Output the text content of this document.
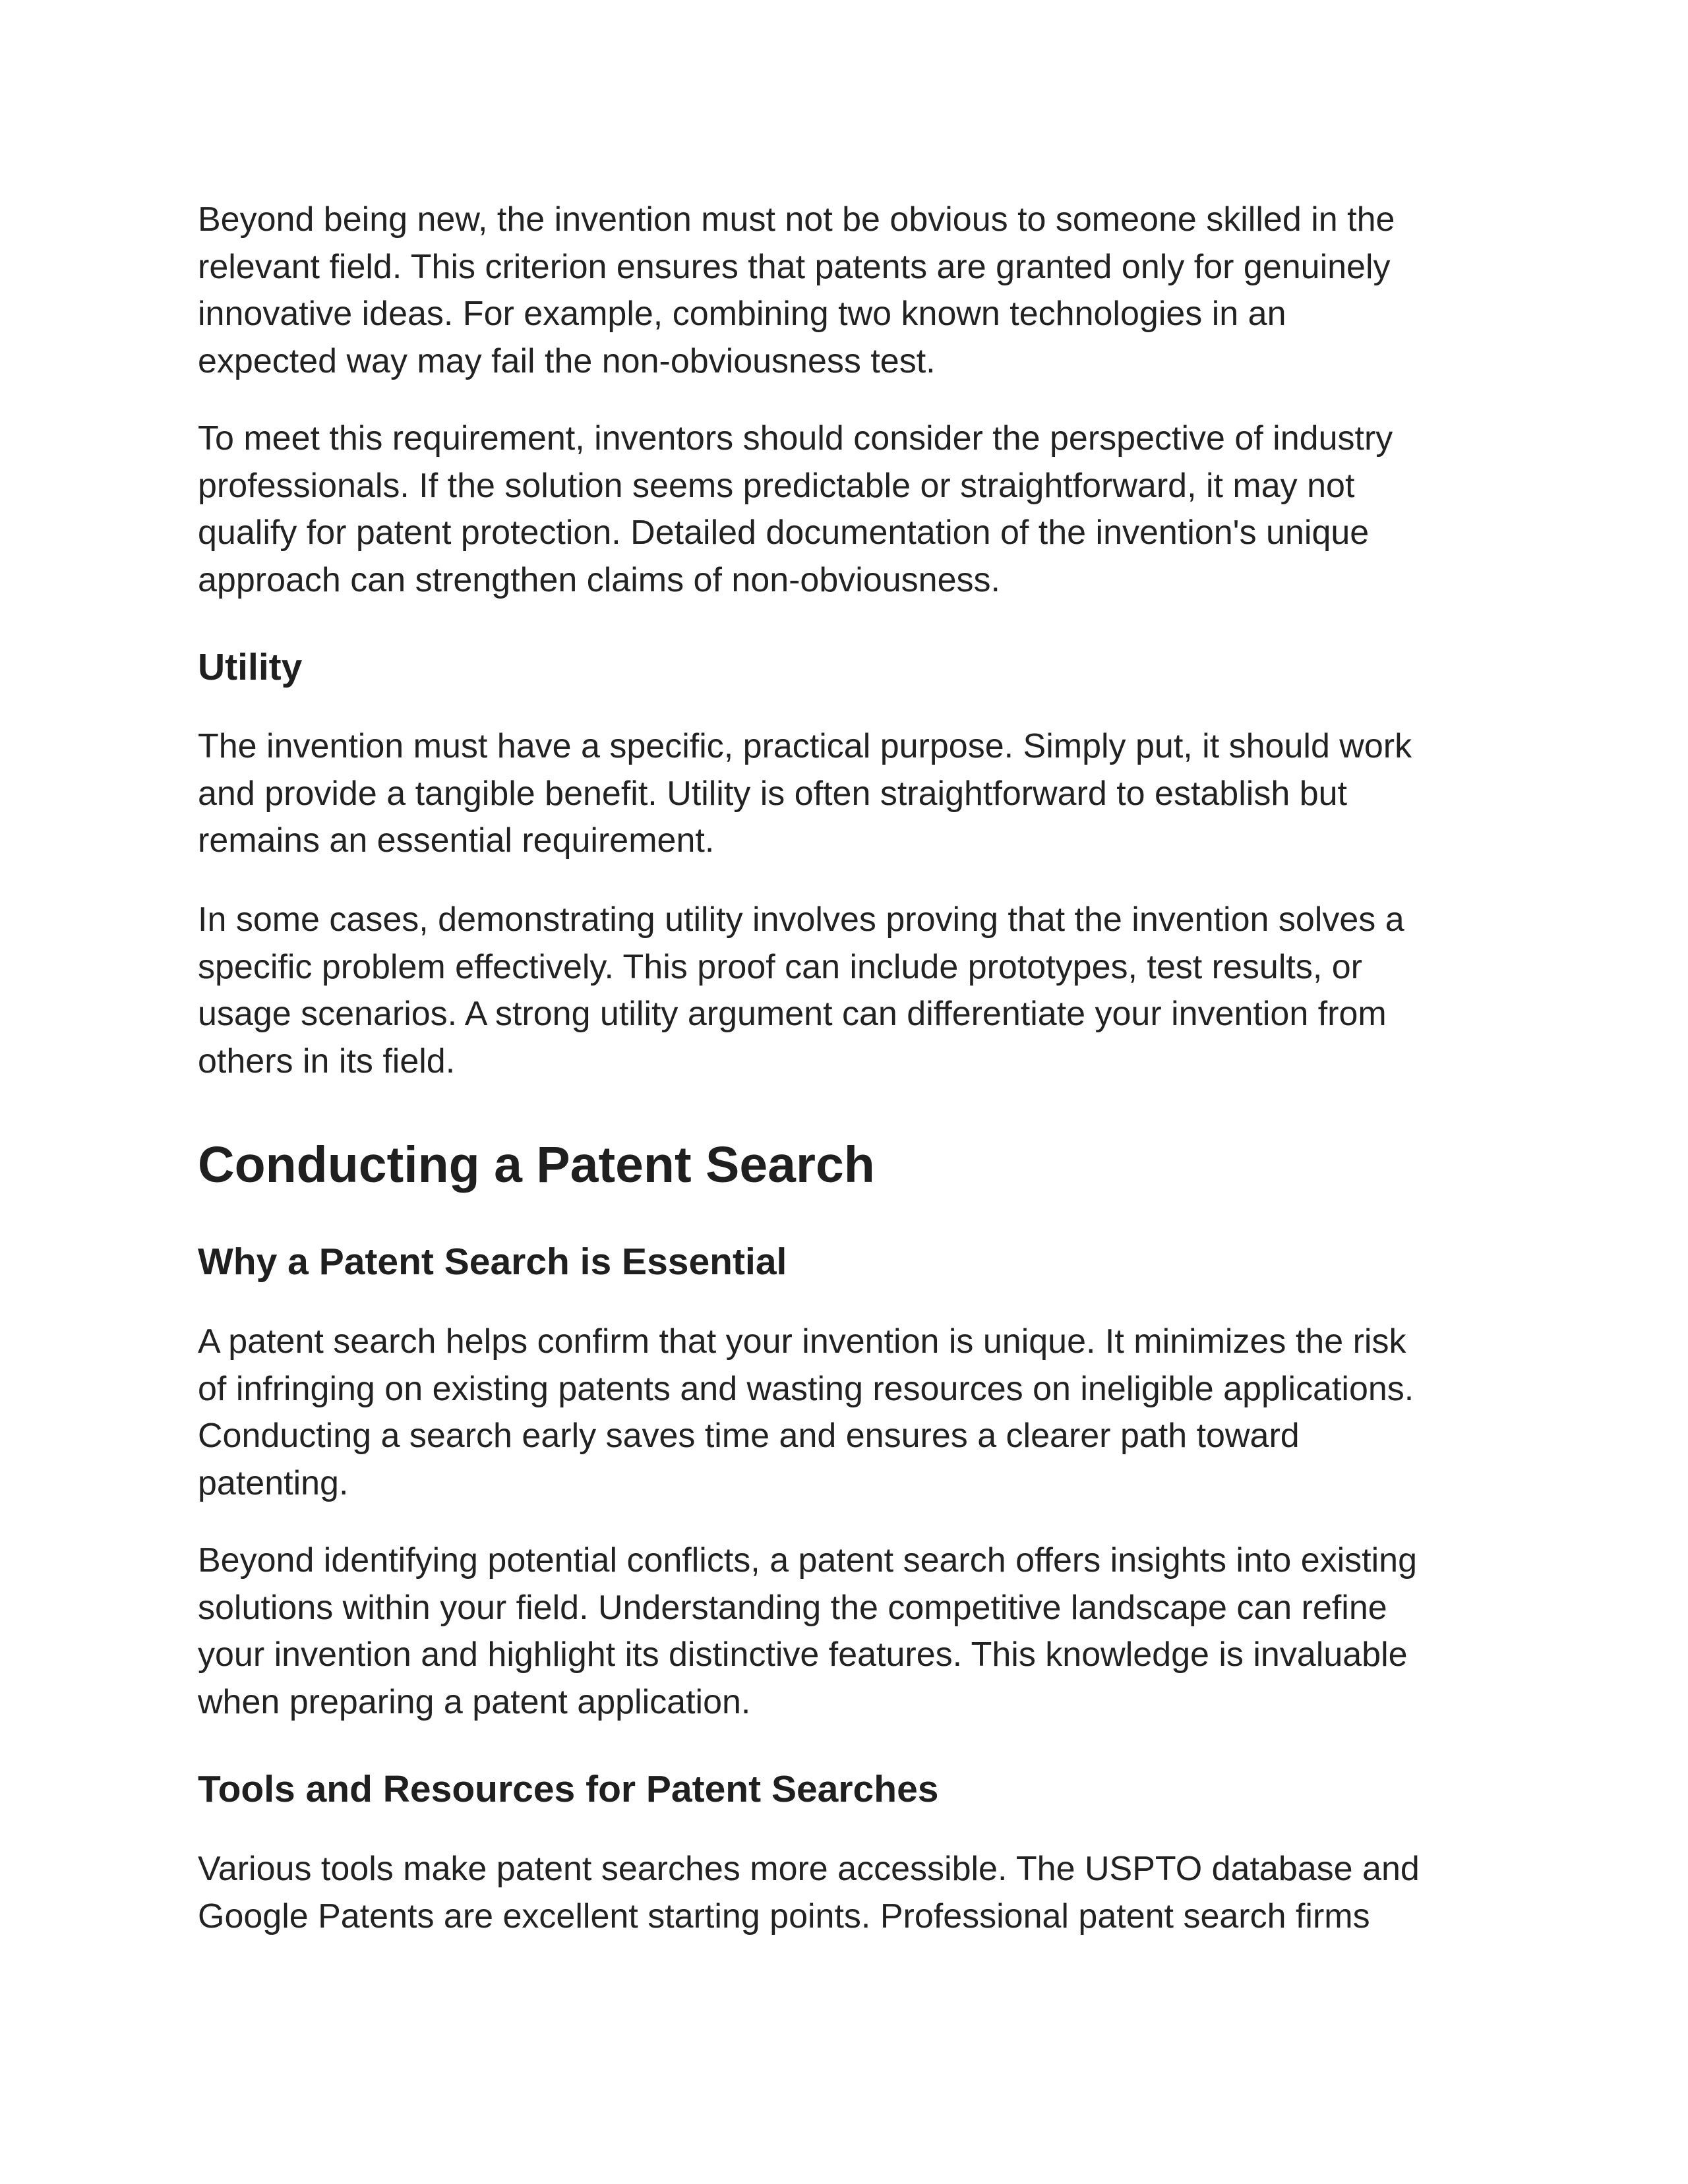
Beyond being new, the invention must not be obvious to someone skilled in the
relevant field. This criterion ensures that patents are granted only for genuinely
innovative ideas. For example, combining two known technologies in an
expected way may fail the non-obviousness test.

To meet this requirement, inventors should consider the perspective of industry
professionals. If the solution seems predictable or straightforward, it may not
qualify for patent protection. Detailed documentation of the invention's unique
approach can strengthen claims of non-obviousness.

Utility

The invention must have a specific, practical purpose. Simply put, it should work
and provide a tangible benefit. Utility is often straightforward to establish but
remains an essential requirement.

In some cases, demonstrating utility involves proving that the invention solves a
specific problem effectively. This proof can include prototypes, test results, or
usage scenarios. A strong utility argument can differentiate your invention from
others in its field.

Conducting a Patent Search
Why a Patent Search is Essential

A patent search helps confirm that your invention is unique. It minimizes the risk
of infringing on existing patents and wasting resources on ineligible applications.
Conducting a search early saves time and ensures a clearer path toward
patenting.

Beyond identifying potential conflicts, a patent search offers insights into existing
solutions within your field. Understanding the competitive landscape can refine
your invention and highlight its distinctive features. This knowledge is invaluable
when preparing a patent application.

Tools and Resources for Patent Searches

Various tools make patent searches more accessible. The USPTO database and
Google Patents are excellent starting points. Professional patent search firms
